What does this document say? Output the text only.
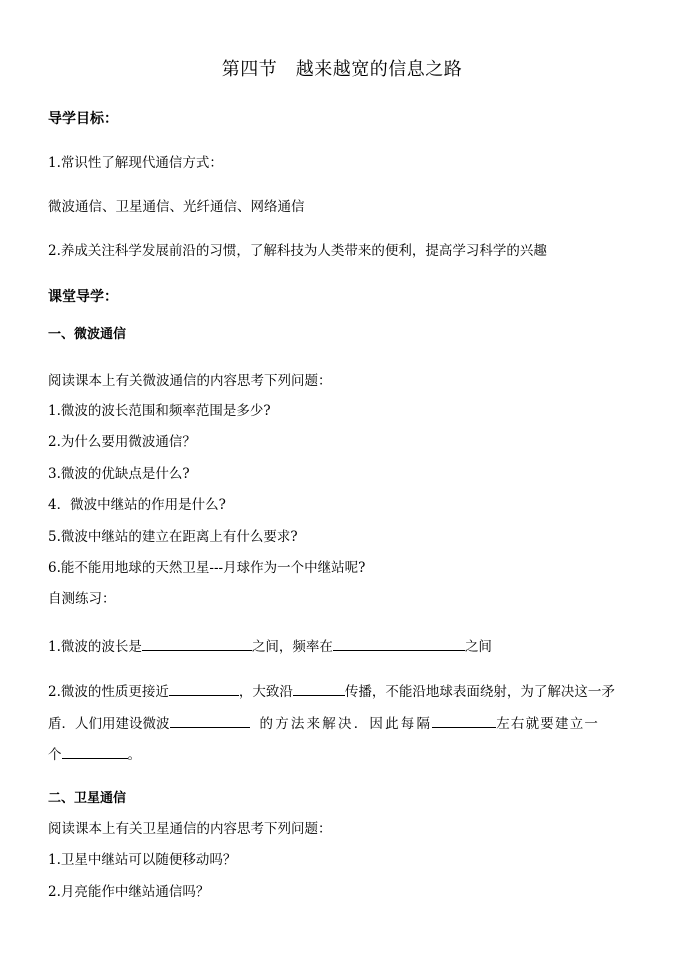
第四节　越来越宽的信息之路
导学目标：
1.常识性了解现代通信方式：
微波通信、卫星通信、光纤通信、网络通信
2.养成关注科学发展前沿的习惯，了解科技为人类带来的便利，提高学习科学的兴趣
课堂导学：
一、微波通信
阅读课本上有关微波通信的内容思考下列问题：
1.微波的波长范围和频率范围是多少?
2.为什么要用微波通信？
3.微波的优缺点是什么?
4．微波中继站的作用是什么?
5.微波中继站的建立在距离上有什么要求?
6.能不能用地球的天然卫星---月球作为一个中继站呢?
自测练习：
1.微波的波长是	之间，频率在	之间
2.微波的性质更接近	，大致沿	传播，不能沿地球表面绕射，为了解决这一矛
盾．人们用建设微波	的方法来解决．因此每隔	左右就要建立一
个	。
二、卫星通信
阅读课本上有关卫星通信的内容思考下列问题：
1.卫星中继站可以随便移动吗？
2.月亮能作中继站通信吗？
